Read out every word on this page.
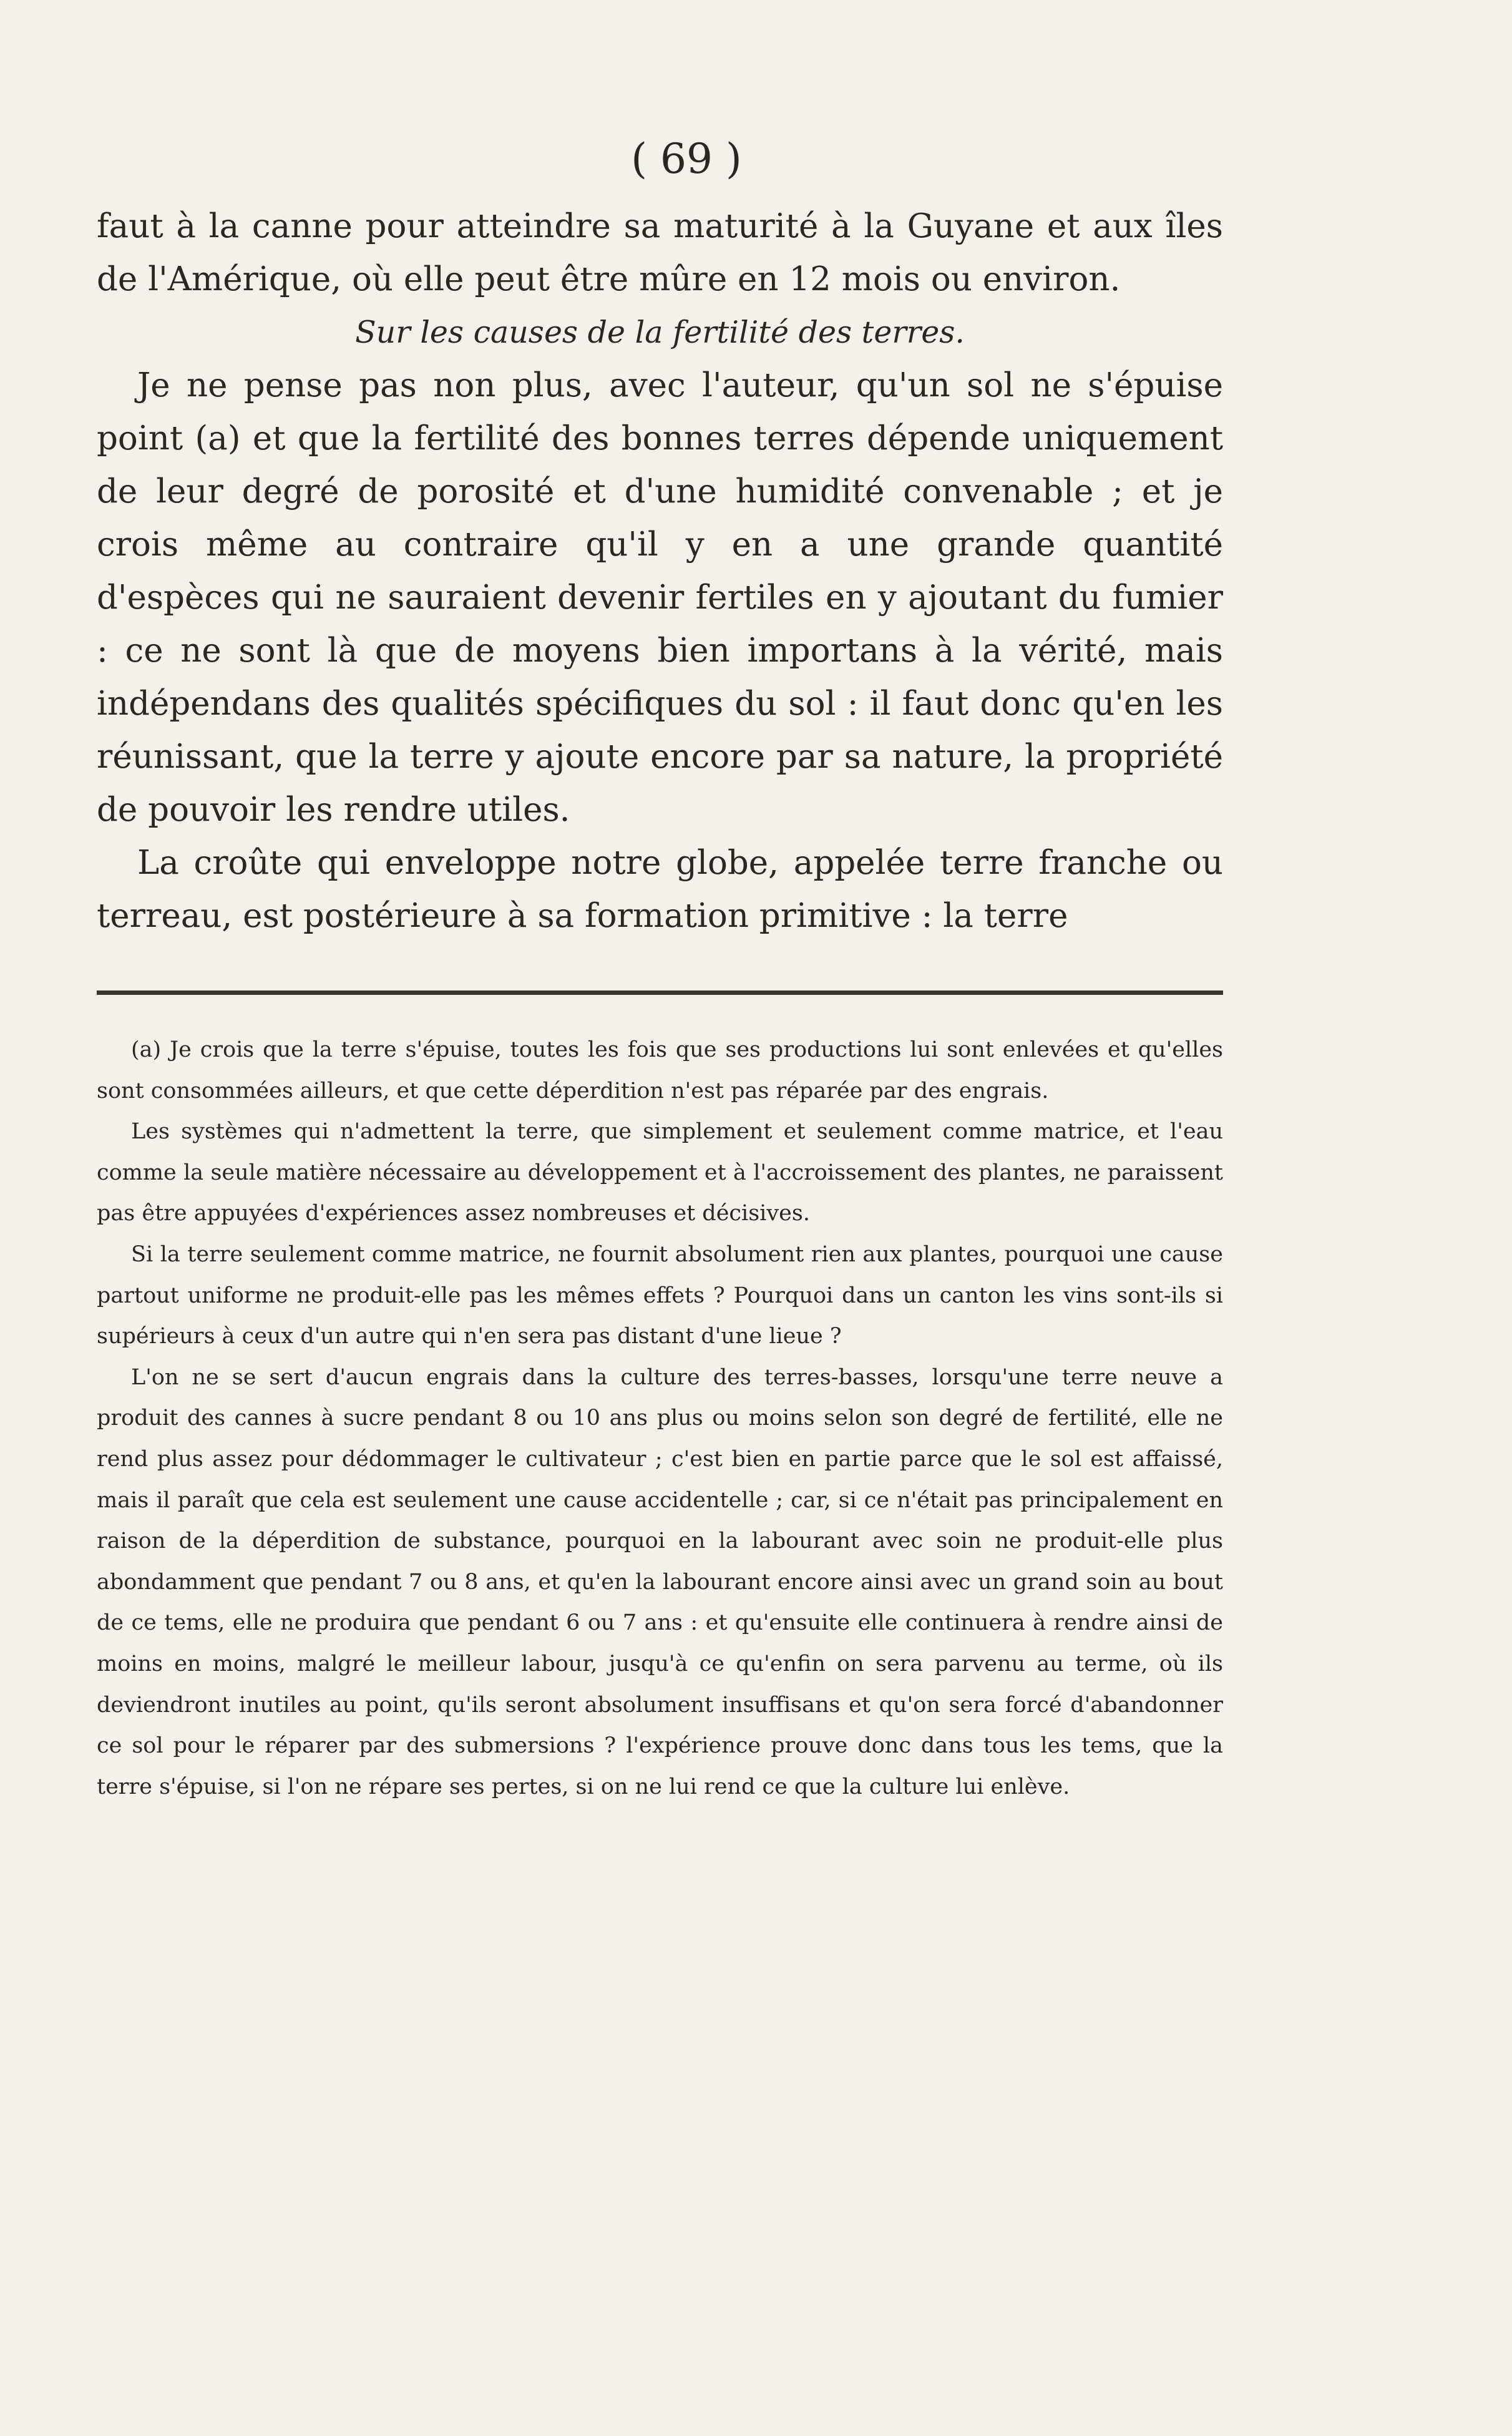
( 69 )

faut à la canne pour atteindre sa maturité à la Guyane et aux îles de l'Amérique, où elle peut être mûre en 12 mois ou environ.

Sur les causes de la fertilité des terres.

Je ne pense pas non plus, avec l'auteur, qu'un sol ne s'épuise point (a) et que la fertilité des bonnes terres dépende uniquement de leur degré de porosité et d'une humidité convenable ; et je crois même au contraire qu'il y en a une grande quantité d'espèces qui ne sauraient devenir fertiles en y ajoutant du fumier : ce ne sont là que de moyens bien importans à la vérité, mais indépendans des qualités spécifiques du sol : il faut donc qu'en les réunissant, que la terre y ajoute encore par sa nature, la propriété de pouvoir les rendre utiles.

La croûte qui enveloppe notre globe, appelée terre franche ou terreau, est postérieure à sa formation primitive : la terre

(a) Je crois que la terre s'épuise, toutes les fois que ses productions lui sont enlevées et qu'elles sont consommées ailleurs, et que cette déperdition n'est pas réparée par des engrais.

Les systèmes qui n'admettent la terre, que simplement et seulement comme matrice, et l'eau comme la seule matière nécessaire au développement et à l'accroissement des plantes, ne paraissent pas être appuyées d'expériences assez nombreuses et décisives.

Si la terre seulement comme matrice, ne fournit absolument rien aux plantes, pourquoi une cause partout uniforme ne produit-elle pas les mêmes effets ? Pourquoi dans un canton les vins sont-ils si supérieurs à ceux d'un autre qui n'en sera pas distant d'une lieue ?

L'on ne se sert d'aucun engrais dans la culture des terres-basses, lorsqu'une terre neuve a produit des cannes à sucre pendant 8 ou 10 ans plus ou moins selon son degré de fertilité, elle ne rend plus assez pour dédommager le cultivateur ; c'est bien en partie parce que le sol est affaissé, mais il paraît que cela est seulement une cause accidentelle ; car, si ce n'était pas principalement en raison de la déperdition de substance, pourquoi en la labourant avec soin ne produit-elle plus abondamment que pendant 7 ou 8 ans, et qu'en la labourant encore ainsi avec un grand soin au bout de ce tems, elle ne produira que pendant 6 ou 7 ans : et qu'ensuite elle continuera à rendre ainsi de moins en moins, malgré le meilleur labour, jusqu'à ce qu'enfin on sera parvenu au terme, où ils deviendront inutiles au point, qu'ils seront absolument insuffisans et qu'on sera forcé d'abandonner ce sol pour le réparer par des submersions ? l'expérience prouve donc dans tous les tems, que la terre s'épuise, si l'on ne répare ses pertes, si on ne lui rend ce que la culture lui enlève.
